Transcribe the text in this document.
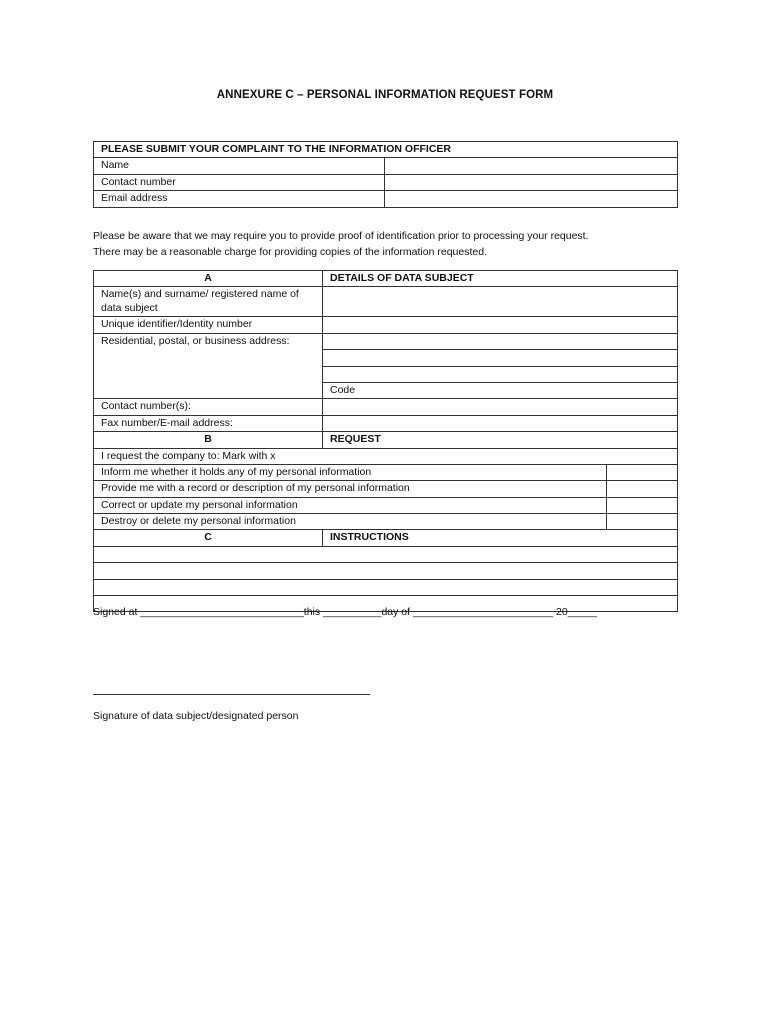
ANNEXURE C – PERSONAL INFORMATION REQUEST FORM
PLEASE SUBMIT YOUR COMPLAINT TO THE INFORMATION OFFICER	
Name	
Contact number	
Email address	
Please be aware that we may require you to provide proof of identification prior to processing your request.
There may be a reasonable charge for providing copies of the information requested.
A	DETAILS OF DATA SUBJECT	
Name(s) and surname/ registered name of data subject		
Unique identifier/Identity number		
Residential, postal, or business address:		

	Code	
Contact number(s):		
Fax number/E-mail address:		
B	REQUEST	
I request the company to: Mark with x		
Inform me whether it holds any of my personal information		
Provide me with a record or description of my personal information		
Correct or update my personal information		
Destroy or delete my personal information		
C	INSTRUCTIONS	

Signed at ____________________________this __________day of ________________________ 20_____
Signature of data subject/designated person
